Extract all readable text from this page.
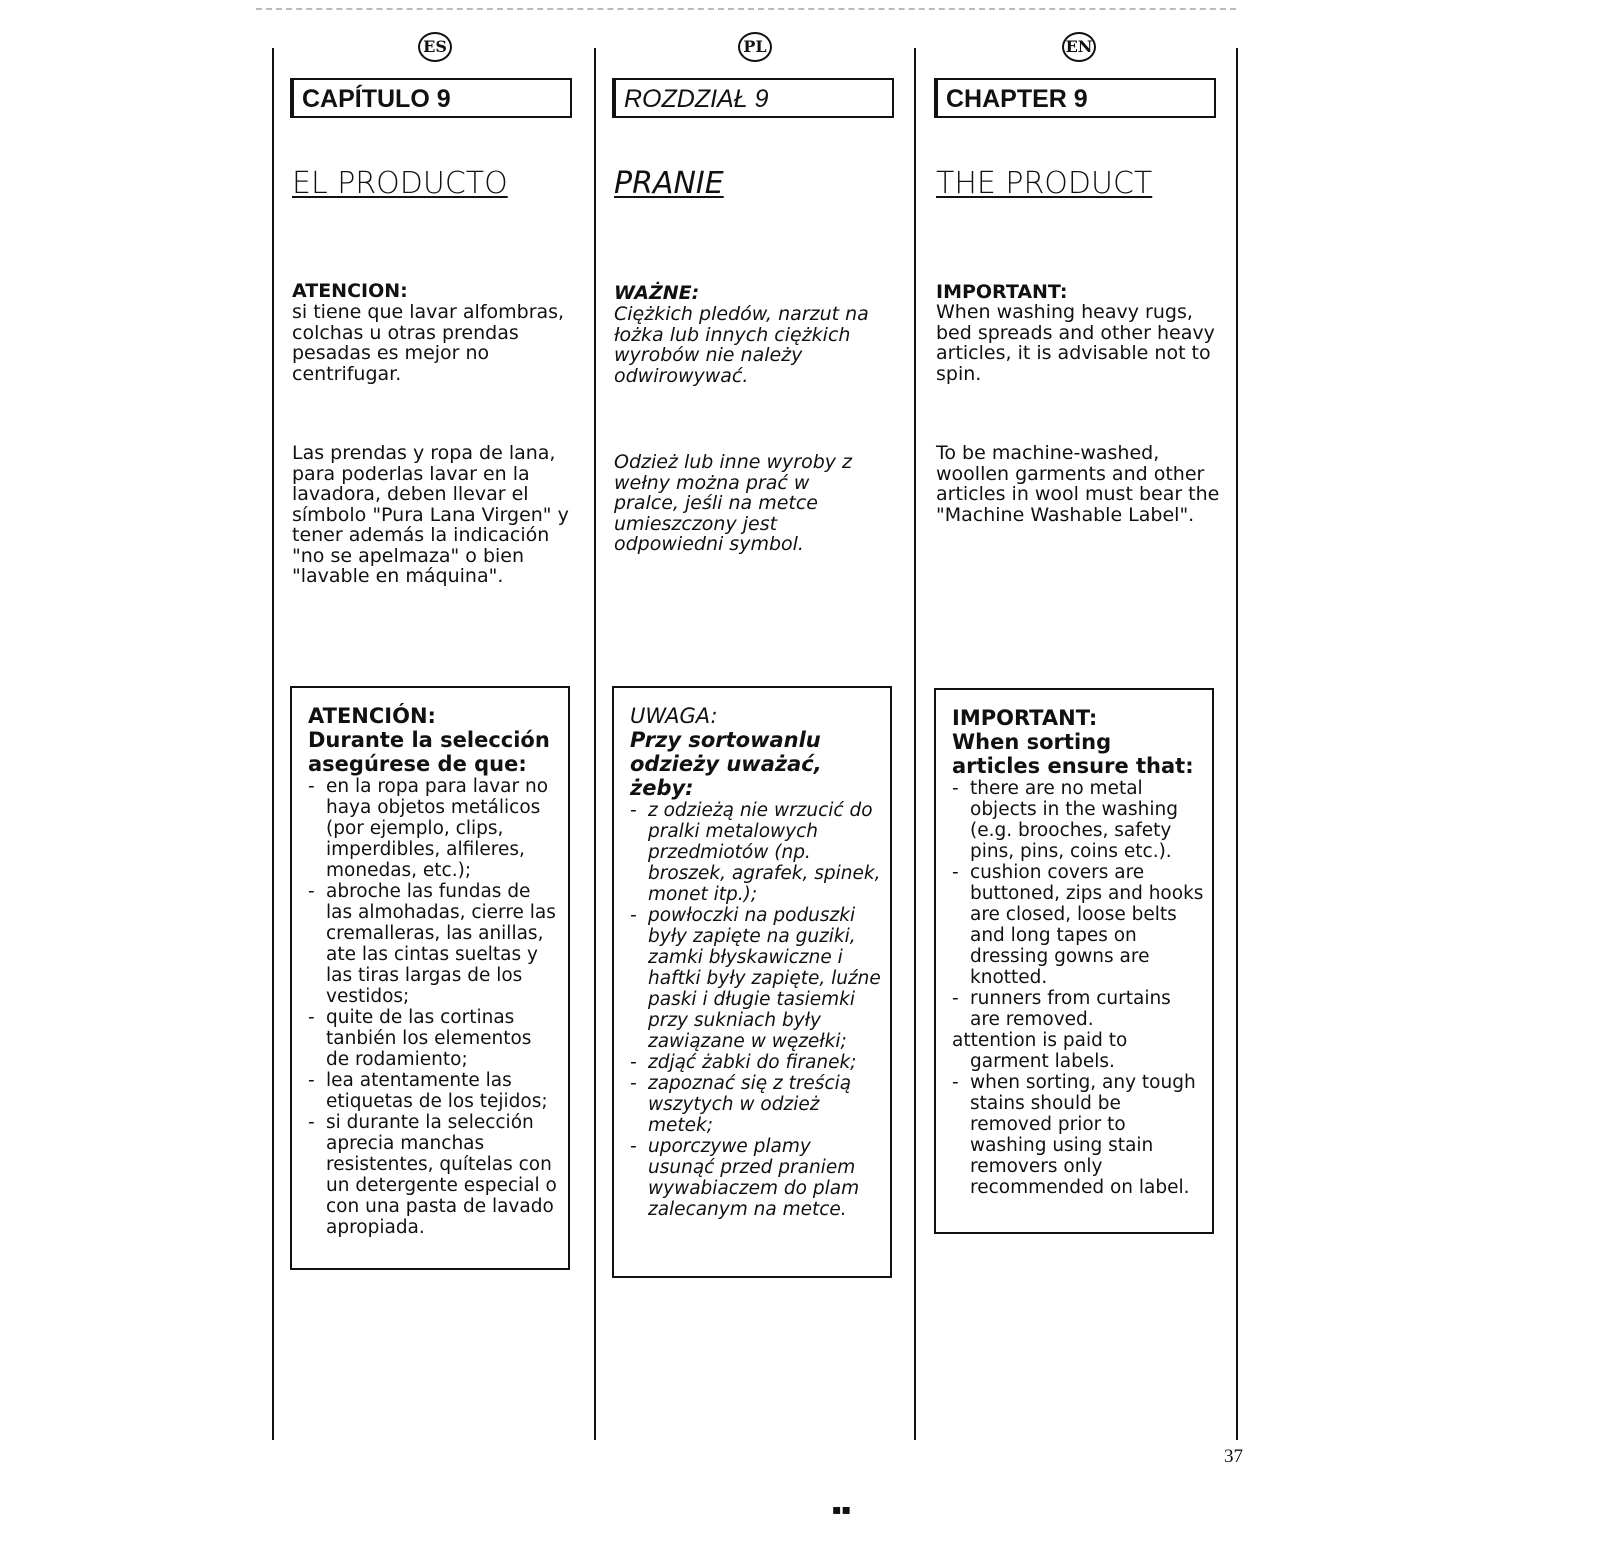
ES
CAPÍTULO 9
EL PRODUCTO
ATENCION:

si tiene que lavar alfombras, colchas u otras prendas pesadas es mejor no centrifugar.

Las prendas y ropa de lana, para poderlas lavar en la lavadora, deben llevar el símbolo "Pura Lana Virgen" y tener además la indicación "no se apelmaza" o bien "lavable en máquina".

ATENCIÓN:

Durante la selección asegúrese de que:

- en la ropa para lavar no haya objetos metálicos (por ejemplo, clips, imperdibles, alfileres, monedas, etc.);
- abroche las fundas de las almohadas, cierre las cremalleras, las anillas, ate las cintas sueltas y las tiras largas de los vestidos;
- quite de las cortinas tanbién los elementos de rodamiento;
- lea atentamente las etiquetas de los tejidos;
- si durante la selección aprecia manchas resistentes, quítelas con un detergente especial o con una pasta de lavado apropiada.
PL
ROZDZIAŁ 9
PRANIE
WAŻNE:

Ciężkich pledów, narzut na łożka lub innych ciężkich wyrobów nie należy odwirowywać.

Odzież lub inne wyroby z wełny można prać w pralce, jeśli na metce umieszczony jest odpowiedni symbol.

UWAGA:

Przy sortowanlu odzieży uważać, żeby:

- z odzieżą nie wrzucić do pralki metalowych przedmiotów (np. broszek, agrafek, spinek, monet itp.);
- powłoczki na poduszki były zapięte na guziki, zamki błyskawiczne i haftki były zapięte, luźne paski i długie tasiemki przy sukniach były zawiązane w węzełki;
- zdjąć żabki do firanek;
- zapoznać się z treścią wszytych w odzież metek;
- uporczywe plamy usunąć przed praniem wywabiaczem do plam zalecanym na metce.
EN
CHAPTER 9
THE PRODUCT
IMPORTANT:

When washing heavy rugs, bed spreads and other heavy articles, it is advisable not to spin.

To be machine-washed, woollen garments and other articles in wool must bear the "Machine Washable Label".

IMPORTANT:

When sorting articles ensure that:

- there are no metal objects in the washing (e.g. brooches, safety pins, pins, coins etc.).
- cushion covers are buttoned, zips and hooks are closed, loose belts and long tapes on dressing gowns are knotted.
- runners from curtains are removed.

attention is paid to garment labels.

- when sorting, any tough stains should be removed prior to washing using stain removers only recommended on label.
37
▪▪
